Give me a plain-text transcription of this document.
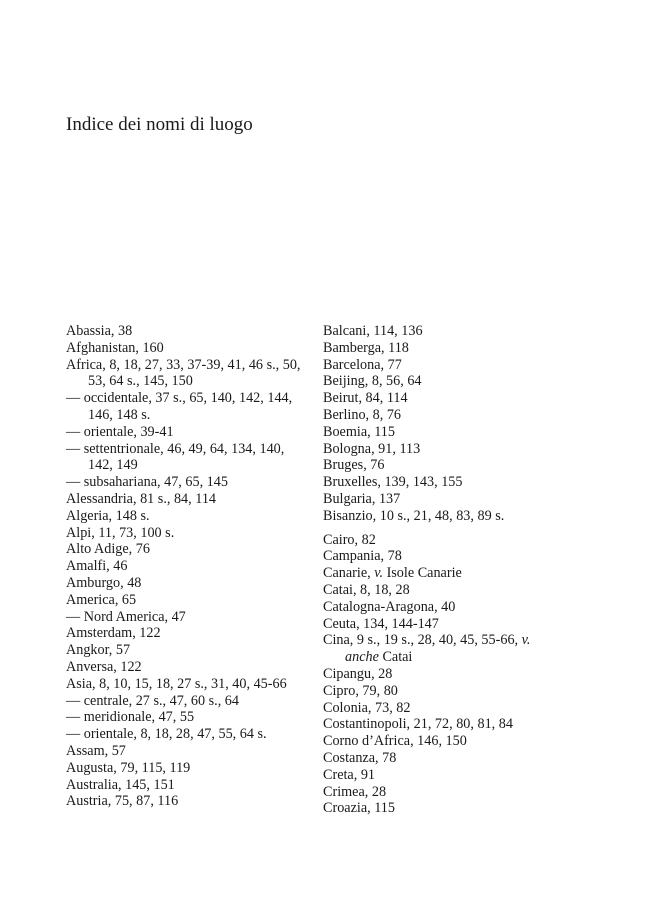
Indice dei nomi di luogo
Abassia, 38
Afghanistan, 160
Africa, 8, 18, 27, 33, 37-39, 41, 46 s., 50, 53, 64 s., 145, 150
— occidentale, 37 s., 65, 140, 142, 144, 146, 148 s.
— orientale, 39-41
— settentrionale, 46, 49, 64, 134, 140, 142, 149
— subsahariana, 47, 65, 145
Alessandria, 81 s., 84, 114
Algeria, 148 s.
Alpi, 11, 73, 100 s.
Alto Adige, 76
Amalfi, 46
Amburgo, 48
America, 65
— Nord America, 47
Amsterdam, 122
Angkor, 57
Anversa, 122
Asia, 8, 10, 15, 18, 27 s., 31, 40, 45-66
— centrale, 27 s., 47, 60 s., 64
— meridionale, 47, 55
— orientale, 8, 18, 28, 47, 55, 64 s.
Assam, 57
Augusta, 79, 115, 119
Australia, 145, 151
Austria, 75, 87, 116
Balcani, 114, 136
Bamberga, 118
Barcelona, 77
Beijing, 8, 56, 64
Beirut, 84, 114
Berlino, 8, 76
Boemia, 115
Bologna, 91, 113
Bruges, 76
Bruxelles, 139, 143, 155
Bulgaria, 137
Bisanzio, 10 s., 21, 48, 83, 89 s.
Cairo, 82
Campania, 78
Canarie, v. Isole Canarie
Catai, 8, 18, 28
Catalogna-Aragona, 40
Ceuta, 134, 144-147
Cina, 9 s., 19 s., 28, 40, 45, 55-66, v. anche Catai
Cipangu, 28
Cipro, 79, 80
Colonia, 73, 82
Costantinopoli, 21, 72, 80, 81, 84
Corno d’Africa, 146, 150
Costanza, 78
Creta, 91
Crimea, 28
Croazia, 115
